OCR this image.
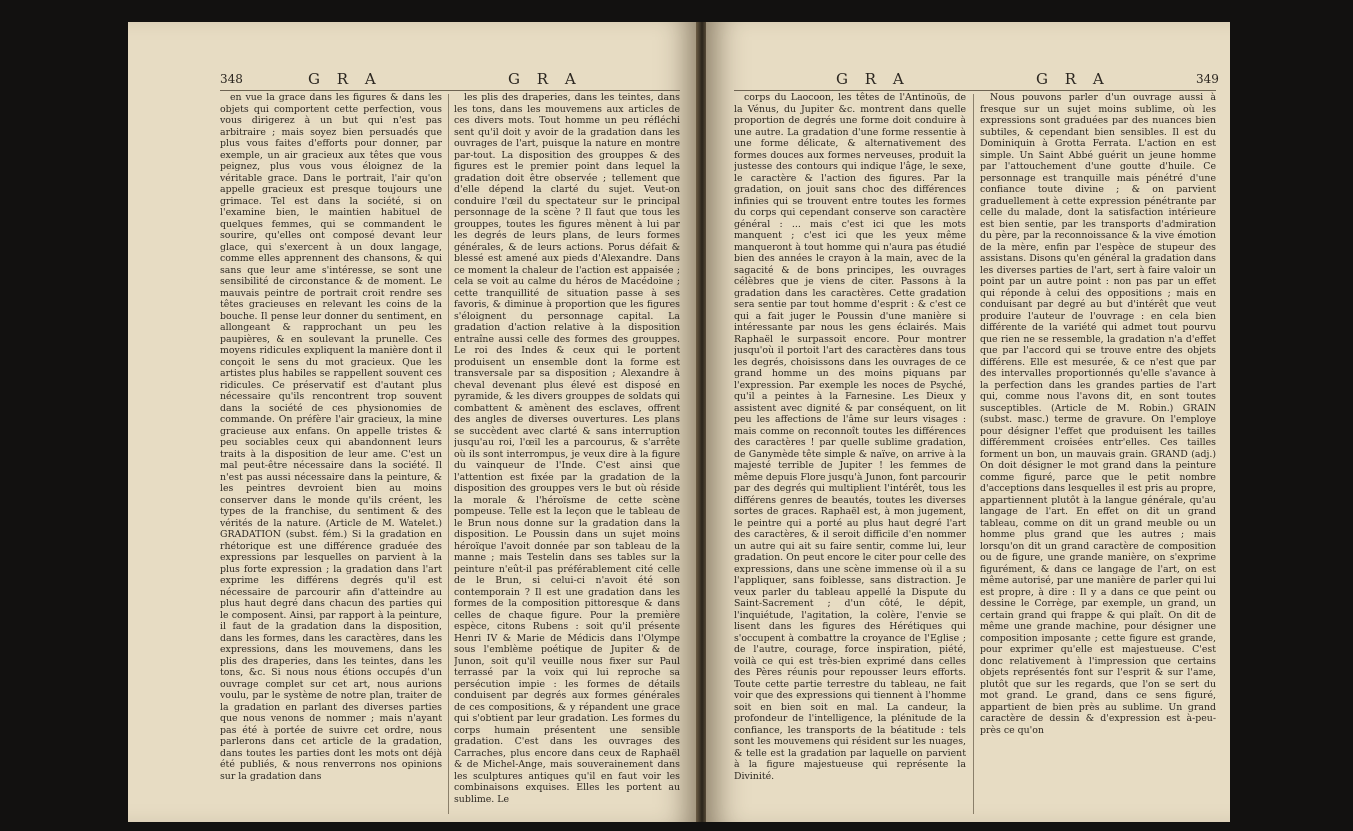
348	G R A	G R A

en vue la grace dans les figures & dans les objets qui comportent cette perfection, vous vous dirigerez à un but qui n'est pas arbitraire ; mais soyez bien persuadés que plus vous faites d'efforts pour donner, par exemple, un air gracieux aux têtes que vous peignez, plus vous vous éloignez de la véritable grace. Dans le portrait, l'air qu'on appelle gracieux est presque toujours une grimace. Tel est dans la société, si on l'examine bien, le maintien habituel de quelques femmes, qui se commandent le sourire, qu'elles ont composé devant leur glace, qui s'exercent à un doux langage, comme elles apprennent des chansons, & qui sans que leur ame s'intéresse, se sont une sensibilité de circonstance & de moment. Le mauvais peintre de portrait croit rendre ses têtes gracieuses en relevant les coins de la bouche. Il pense leur donner du sentiment, en allongeant & rapprochant un peu les paupières, & en soulevant la prunelle. Ces moyens ridicules expliquent la manière dont il conçoit le sens du mot gracieux. Que les artistes plus habiles se rappellent souvent ces ridicules. Ce préservatif est d'autant plus nécessaire qu'ils rencontrent trop souvent dans la société de ces physionomies de commande. On préfère l'air gracieux, la mine gracieuse aux enfans. On appelle tristes & peu sociables ceux qui abandonnent leurs traits à la disposition de leur ame. C'est un mal peut-être nécessaire dans la société. Il n'est pas aussi nécessaire dans la peinture, & les peintres devroient bien au moins conserver dans le monde qu'ils créent, les types de la franchise, du sentiment & des vérités de la nature. (Article de M. Watelet.) GRADATION (subst. fém.) Si la gradation en rhétorique est une différence graduée des expressions par lesquelles on parvient à la plus forte expression ; la gradation dans l'art exprime les différens degrés qu'il est nécessaire de parcourir afin d'atteindre au plus haut degré dans chacun des parties qui le composent. Ainsi, par rapport à la peinture, il faut de la gradation dans la disposition, dans les formes, dans les caractères, dans les expressions, dans les mouvemens, dans les plis des draperies, dans les teintes, dans les tons, &c. Si nous nous étions occupés d'un ouvrage complet sur cet art, nous aurions voulu, par le système de notre plan, traiter de la gradation en parlant des diverses parties que nous venons de nommer ; mais n'ayant pas été à portée de suivre cet ordre, nous parlerons dans cet article de la gradation, dans toutes les parties dont les mots ont déjà été publiés, & nous renverrons nos opinions sur la gradation dans

les plis des draperies, dans les teintes, dans les tons, dans les mouvemens aux articles de ces divers mots. Tout homme un peu réfléchi sent qu'il doit y avoir de la gradation dans les ouvrages de l'art, puisque la nature en montre par-tout. La disposition des grouppes & des figures est le premier point dans lequel la gradation doit être observée ; tellement que d'elle dépend la clarté du sujet. Veut-on conduire l'œil du spectateur sur le principal personnage de la scène ? Il faut que tous les grouppes, toutes les figures mènent à lui par les degrés de leurs plans, de leurs formes générales, & de leurs actions. Porus défait & blessé est amené aux pieds d'Alexandre. Dans ce moment la chaleur de l'action est appaisée ; cela se voit au calme du héros de Macédoine ; cette tranquillité de situation passe à ses favoris, & diminue à proportion que les figures s'éloignent du personnage capital. La gradation d'action relative à la disposition entraîne aussi celle des formes des grouppes. Le roi des Indes & ceux qui le portent produisent un ensemble dont la forme est transversale par sa disposition ; Alexandre à cheval devenant plus élevé est disposé en pyramide, & les divers grouppes de soldats qui combattent & amènent des esclaves, offrent des angles de diverses ouvertures. Les plans se succèdent avec clarté & sans interruption jusqu'au roi, l'œil les a parcourus, & s'arrête où ils sont interrompus, je veux dire à la figure du vainqueur de l'Inde. C'est ainsi que l'attention est fixée par la gradation de la disposition des grouppes vers le but où réside la morale & l'héroïsme de cette scène pompeuse. Telle est la leçon que le tableau de le Brun nous donne sur la gradation dans la disposition. Le Poussin dans un sujet moins héroïque l'avoit donnée par son tableau de la manne ; mais Testelin dans ses tables sur la peinture n'eût-il pas préférablement cité celle de le Brun, si celui-ci n'avoit été son contemporain ? Il est une gradation dans les formes de la composition pittoresque & dans celles de chaque figure. Pour la première espèce, citons Rubens : soit qu'il présente Henri IV & Marie de Médicis dans l'Olympe sous l'emblème poétique de Jupiter & de Junon, soit qu'il veuille nous fixer sur Paul terrassé par la voix qui lui reproche sa persécution impie : les formes de détails conduisent par degrés aux formes générales de ces compositions, & y répandent une grace qui s'obtient par leur gradation. Les formes du corps humain présentent une sensible gradation. C'est dans les ouvrages des Carraches, plus encore dans ceux de Raphaël & de Michel-Ange, mais souverainement dans les sculptures antiques qu'il en faut voir les combinaisons exquises. Elles les portent au sublime. Le

G R A	G R A	349

corps du Laocoon, les têtes de l'Antinoüs, de la Vénus, du Jupiter &c. montrent dans quelle proportion de degrés une forme doit conduire à une autre. La gradation d'une forme ressentie à une forme délicate, & alternativement des formes douces aux formes nerveuses, produit la justesse des contours qui indique l'âge, le sexe, le caractère & l'action des figures. Par la gradation, on jouit sans choc des différences infinies qui se trouvent entre toutes les formes du corps qui cependant conserve son caractère général : ... mais c'est ici que les mots manquent ; c'est ici que les yeux même manqueront à tout homme qui n'aura pas étudié bien des années le crayon à la main, avec de la sagacité & de bons principes, les ouvrages célèbres que je viens de citer. Passons à la gradation dans les caractères. Cette gradation sera sentie par tout homme d'esprit : & c'est ce qui a fait juger le Poussin d'une manière si intéressante par nous les gens éclairés. Mais Raphaël le surpassoit encore. Pour montrer jusqu'où il portoit l'art des caractères dans tous les degrés, choisissons dans les ouvrages de ce grand homme un des moins piquans par l'expression. Par exemple les noces de Psyché, qu'il a peintes à la Farnesine. Les Dieux y assistent avec dignité & par conséquent, on lit peu les affections de l'âme sur leurs visages : mais comme on reconnoît toutes les différences des caractères ! par quelle sublime gradation, de Ganymède tête simple & naïve, on arrive à la majesté terrible de Jupiter ! les femmes de même depuis Flore jusqu'à Junon, font parcourir par des degrés qui multiplient l'intérêt, tous les différens genres de beautés, toutes les diverses sortes de graces. Raphaël est, à mon jugement, le peintre qui a porté au plus haut degré l'art des caractères, & il seroit difficile d'en nommer un autre qui ait su faire sentir, comme lui, leur gradation. On peut encore le citer pour celle des expressions, dans une scène immense où il a su l'appliquer, sans foiblesse, sans distraction. Je veux parler du tableau appellé la Dispute du Saint-Sacrement ; d'un côté, le dépit, l'inquiétude, l'agitation, la colère, l'envie se lisent dans les figures des Hérétiques qui s'occupent à combattre la croyance de l'Eglise ; de l'autre, courage, force inspiration, piété, voilà ce qui est très-bien exprimé dans celles des Pères réunis pour repousser leurs efforts. Toute cette partie terrestre du tableau, ne fait voir que des expressions qui tiennent à l'homme soit en bien soit en mal. La candeur, la profondeur de l'intelligence, la plénitude de la confiance, les transports de la béatitude : tels sont les mouvemens qui résident sur les nuages, & telle est la gradation par laquelle on parvient à la figure majestueuse qui représente la Divinité.

Nous pouvons parler d'un ouvrage aussi à fresque sur un sujet moins sublime, où les expressions sont graduées par des nuances bien subtiles, & cependant bien sensibles. Il est du Dominiquin à Grotta Ferrata. L'action en est simple. Un Saint Abbé guérit un jeune homme par l'attouchement d'une goutte d'huile. Ce personnage est tranquille mais pénétré d'une confiance toute divine ; & on parvient graduellement à cette expression pénétrante par celle du malade, dont la satisfaction intérieure est bien sentie, par les transports d'admiration du père, par la reconnoissance & la vive émotion de la mère, enfin par l'espèce de stupeur des assistans. Disons qu'en général la gradation dans les diverses parties de l'art, sert à faire valoir un point par un autre point : non pas par un effet qui réponde à celui des oppositions ; mais en conduisant par degré au but d'intérêt que veut produire l'auteur de l'ouvrage : en cela bien différente de la variété qui admet tout pourvu que rien ne se ressemble, la gradation n'a d'effet que par l'accord qui se trouve entre des objets différens. Elle est mesurée, & ce n'est que par des intervalles proportionnés qu'elle s'avance à la perfection dans les grandes parties de l'art qui, comme nous l'avons dit, en sont toutes susceptibles. (Article de M. Robin.) GRAIN (subst. masc.) terme de gravure. On l'employe pour désigner l'effet que produisent les tailles différemment croisées entr'elles. Ces tailles forment un bon, un mauvais grain. GRAND (adj.) On doit désigner le mot grand dans la peinture comme figuré, parce que le petit nombre d'acceptions dans lesquelles il est pris au propre, appartiennent plutôt à la langue générale, qu'au langage de l'art. En effet on dit un grand tableau, comme on dit un grand meuble ou un homme plus grand que les autres ; mais lorsqu'on dit un grand caractère de composition ou de figure, une grande manière, on s'exprime figurément, & dans ce langage de l'art, on est même autorisé, par une manière de parler qui lui est propre, à dire : Il y a dans ce que peint ou dessine le Corrège, par exemple, un grand, un certain grand qui frappe & qui plaît. On dit de même une grande machine, pour désigner une composition imposante ; cette figure est grande, pour exprimer qu'elle est majestueuse. C'est donc relativement à l'impression que certains objets représentés font sur l'esprit & sur l'ame, plutôt que sur les regards, que l'on se sert du mot grand. Le grand, dans ce sens figuré, appartient de bien près au sublime. Un grand caractère de dessin & d'expression est à-peu-près ce qu'on
